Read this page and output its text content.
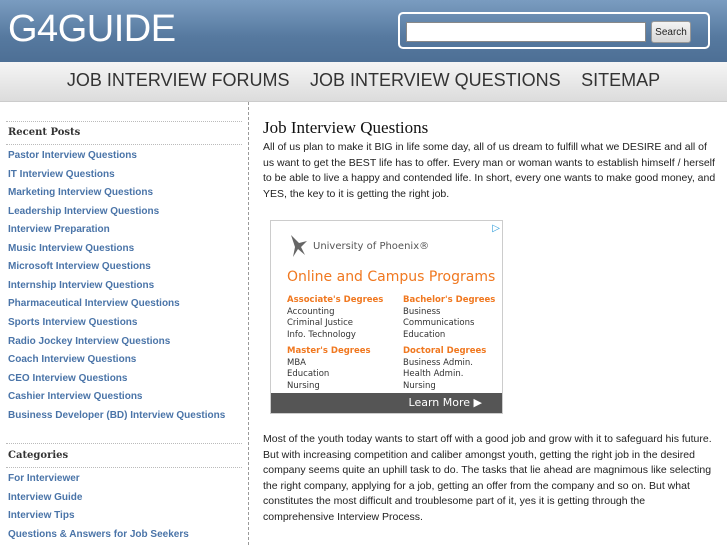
G4GUIDE	Search
JOB INTERVIEW FORUMS JOB INTERVIEW QUESTIONS SITEMAP
Recent Posts
Pastor Interview Questions
IT Interview Questions
Marketing Interview Questions
Leadership Interview Questions
Interview Preparation
Music Interview Questions
Microsoft Interview Questions
Internship Interview Questions
Pharmaceutical Interview Questions
Sports Interview Questions
Radio Jockey Interview Questions
Coach Interview Questions
CEO Interview Questions
Cashier Interview Questions
Business Developer (BD) Interview Questions
Categories
For Interviewer
Interview Guide
Interview Tips
Questions & Answers for Job Seekers
Job Interview Questions

All of us plan to make it BIG in life some day, all of us dream to fulfill what we DESIRE and all of us want to get the BEST life has to offer. Every man or woman wants to establish himself / herself to be able to live a happy and contended life. In short, every one wants to make good money, and YES, the key to it is getting the right job.

▷
University of Phoenix®
Online and Campus Programs
Associate's Degrees
Accounting
Criminal Justice
Info. Technology
Bachelor's Degrees
Business
Communications
Education
Master's Degrees
MBA
Education
Nursing
Doctoral Degrees
Business Admin.
Health Admin.
Nursing
Learn More ▶
Most of the youth today wants to start off with a good job and grow with it to safeguard his future. But with increasing competition and caliber amongst youth, getting the right job in the desired company seems quite an uphill task to do. The tasks that lie ahead are magnimous like selecting the right company, applying for a job, getting an offer from the company and so on. But what constitutes the most difficult and troublesome part of it, yes it is getting through the comprehensive Interview Process.
